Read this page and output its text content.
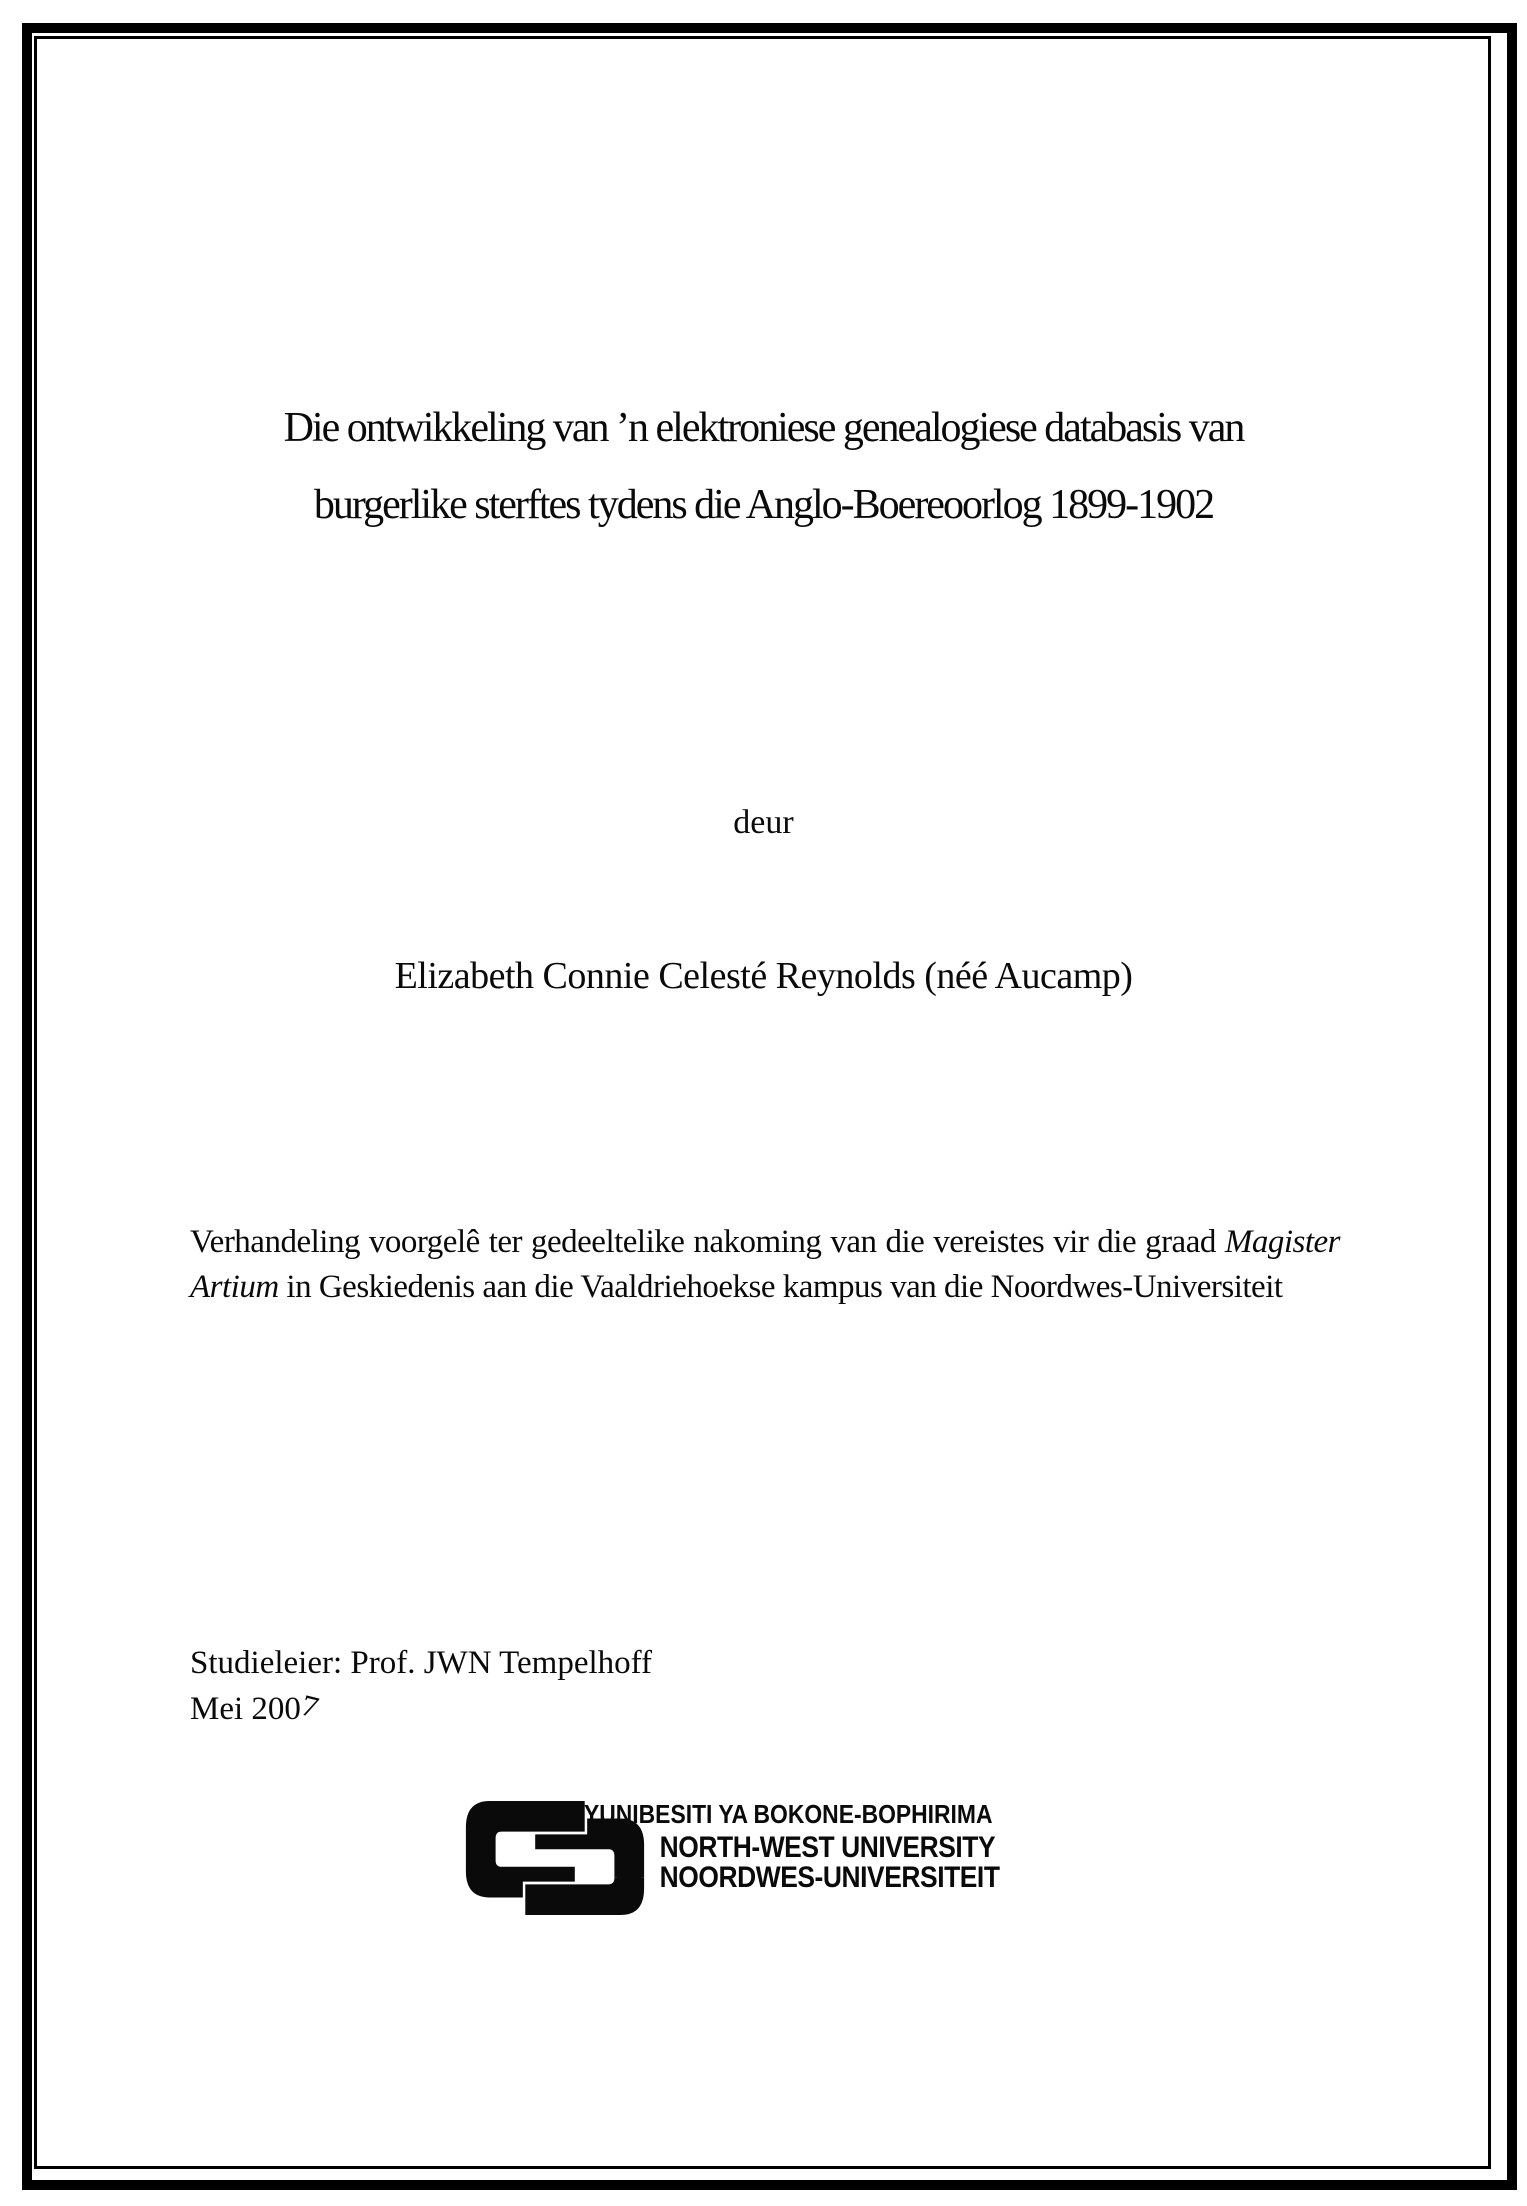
Die ontwikkeling van ’n elektroniese genealogiese databasis van
burgerlike sterftes tydens die Anglo-Boereoorlog 1899-1902
deur
Elizabeth Connie Celesté Reynolds (néé Aucamp)

Verhandeling voorgelê ter gedeeltelike nakoming van die vereistes vir die graad Magister Artium in Geskiedenis aan die Vaaldriehoekse kampus van die Noordwes-Universiteit

Studieleier: Prof. JWN Tempelhoff
Mei 2007
YUNIBESITI YA BOKONE-BOPHIRIMA
NORTH-WEST UNIVERSITY
NOORDWES-UNIVERSITEIT
